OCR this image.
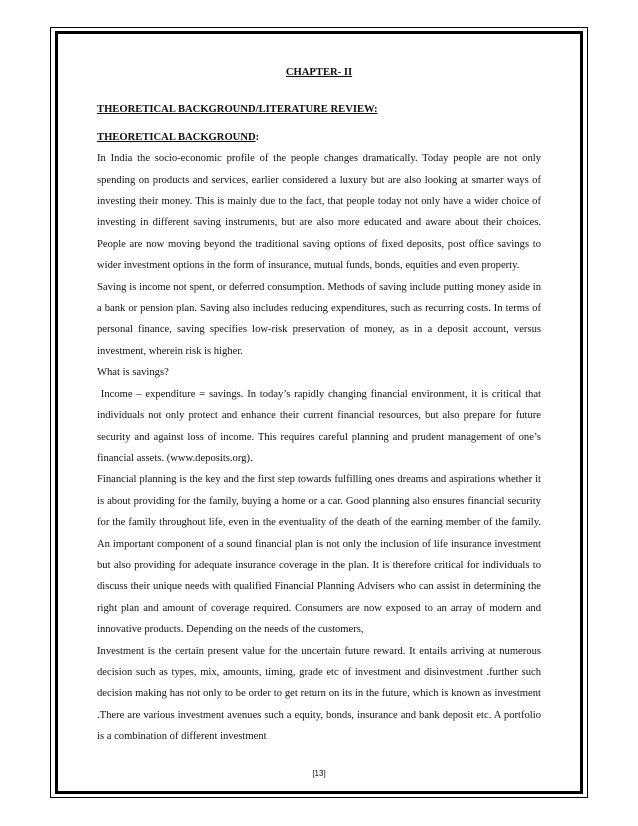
CHAPTER- II
THEORETICAL BACKGROUND/LITERATURE REVIEW:
THEORETICAL BACKGROUND:

In India the socio-economic profile of the people changes dramatically. Today people are not only spending on products and services, earlier considered a luxury but are also looking at smarter ways of investing their money. This is mainly due to the fact, that people today not only have a wider choice of investing in different saving instruments, but are also more educated and aware about their choices. People are now moving beyond the traditional saving options of fixed deposits, post office savings to wider investment options in the form of insurance, mutual funds, bonds, equities and even property.

Saving is income not spent, or deferred consumption. Methods of saving include putting money aside in a bank or pension plan. Saving also includes reducing expenditures, such as recurring costs. In terms of personal finance, saving specifies low-risk preservation of money, as in a deposit account, versus investment, wherein risk is higher.

What is savings?

Income – expenditure = savings. In today’s rapidly changing financial environment, it is critical that individuals not only protect and enhance their current financial resources, but also prepare for future security and against loss of income. This requires careful planning and prudent management of one’s financial assets. (www.deposits.org).

Financial planning is the key and the first step towards fulfilling ones dreams and aspirations whether it is about providing for the family, buying a home or a car. Good planning also ensures financial security for the family throughout life, even in the eventuality of the death of the earning member of the family. An important component of a sound financial plan is not only the inclusion of life insurance investment but also providing for adequate insurance coverage in the plan. It is therefore critical for individuals to discuss their unique needs with qualified Financial Planning Advisers who can assist in determining the right plan and amount of coverage required. Consumers are now exposed to an array of modern and innovative products. Depending on the needs of the customers,

Investment is the certain present value for the uncertain future reward. It entails arriving at numerous decision such as types, mix, amounts, timing, grade etc of investment and disinvestment .further such decision making has not only to be order to get return on its in the future, which is known as investment .There are various investment avenues such a equity, bonds, insurance and bank deposit etc. A portfolio is a combination of different investment

[13]
